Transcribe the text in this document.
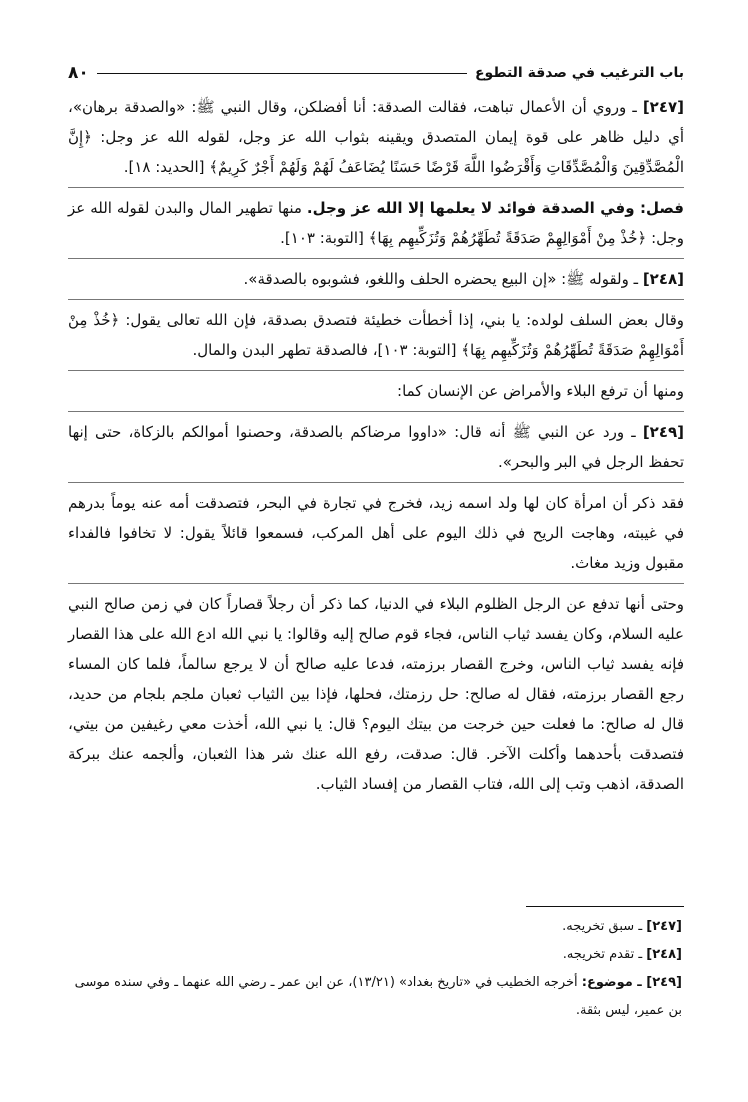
باب الترغيب في صدقة التطوع
٨٠

[٢٤٧] ـ وروي أن الأعمال تباهت، فقالت الصدقة: أنا أفضلكن، وقال النبي ﷺ: «والصدقة برهان»، أي دليل ظاهر على قوة إيمان المتصدق ويقينه بثواب الله عز وجل، لقوله الله عز وجل: ﴿إِنَّ الْمُصَّدِّقِينَ وَالْمُصَّدِّقَاتِ وَأَقْرَضُوا اللَّهَ قَرْضًا حَسَنًا يُضَاعَفُ لَهُمْ وَلَهُمْ أَجْرٌ كَرِيمٌ﴾ [الحديد: ١٨].

فصل: وفي الصدقة فوائد لا يعلمها إلا الله عز وجل. منها تطهير المال والبدن لقوله الله عز وجل: ﴿خُذْ مِنْ أَمْوَالِهِمْ صَدَقَةً تُطَهِّرُهُمْ وَتُزَكِّيهِم بِهَا﴾ [التوبة: ١٠٣].

[٢٤٨] ـ ولقوله ﷺ: «إن البيع يحضره الحلف واللغو، فشوبوه بالصدقة».

وقال بعض السلف لولده: يا بني، إذا أخطأت خطيئة فتصدق بصدقة، فإن الله تعالى يقول: ﴿خُذْ مِنْ أَمْوَالِهِمْ صَدَقَةً تُطَهِّرُهُمْ وَتُزَكِّيهِم بِهَا﴾ [التوبة: ١٠٣]، فالصدقة تطهر البدن والمال.

ومنها أن ترفع البلاء والأمراض عن الإنسان كما:

[٢٤٩] ـ ورد عن النبي ﷺ أنه قال: «داووا مرضاكم بالصدقة، وحصنوا أموالكم بالزكاة، حتى إنها تحفظ الرجل في البر والبحر».

فقد ذكر أن امرأة كان لها ولد اسمه زيد، فخرج في تجارة في البحر، فتصدقت أمه عنه يوماً بدرهم في غيبته، وهاجت الريح في ذلك اليوم على أهل المركب، فسمعوا قائلاً يقول: لا تخافوا فالفداء مقبول وزيد مغاث.

وحتى أنها تدفع عن الرجل الظلوم البلاء في الدنيا، كما ذكر أن رجلاً قصاراً كان في زمن صالح النبي عليه السلام، وكان يفسد ثياب الناس، فجاء قوم صالح إليه وقالوا: يا نبي الله ادع الله على هذا القصار فإنه يفسد ثياب الناس، وخرج القصار برزمته، فدعا عليه صالح أن لا يرجع سالماً، فلما كان المساء رجع القصار برزمته، فقال له صالح: حل رزمتك، فحلها، فإذا بين الثياب ثعبان ملجم بلجام من حديد، قال له صالح: ما فعلت حين خرجت من بيتك اليوم؟ قال: يا نبي الله، أخذت معي رغيفين من بيتي، فتصدقت بأحدهما وأكلت الآخر. قال: صدقت، رفع الله عنك شر هذا الثعبان، وألجمه عنك ببركة الصدقة، اذهب وتب إلى الله، فتاب القصار من إفساد الثياب.

[٢٤٧] ـ سبق تخريجه.

[٢٤٨] ـ تقدم تخريجه.

[٢٤٩] ـ موضوع: أخرجه الخطيب في «تاريخ بغداد» (١٣/٢١)، عن ابن عمر ـ رضي الله عنهما ـ وفي سنده موسى بن عمير، ليس بثقة.
